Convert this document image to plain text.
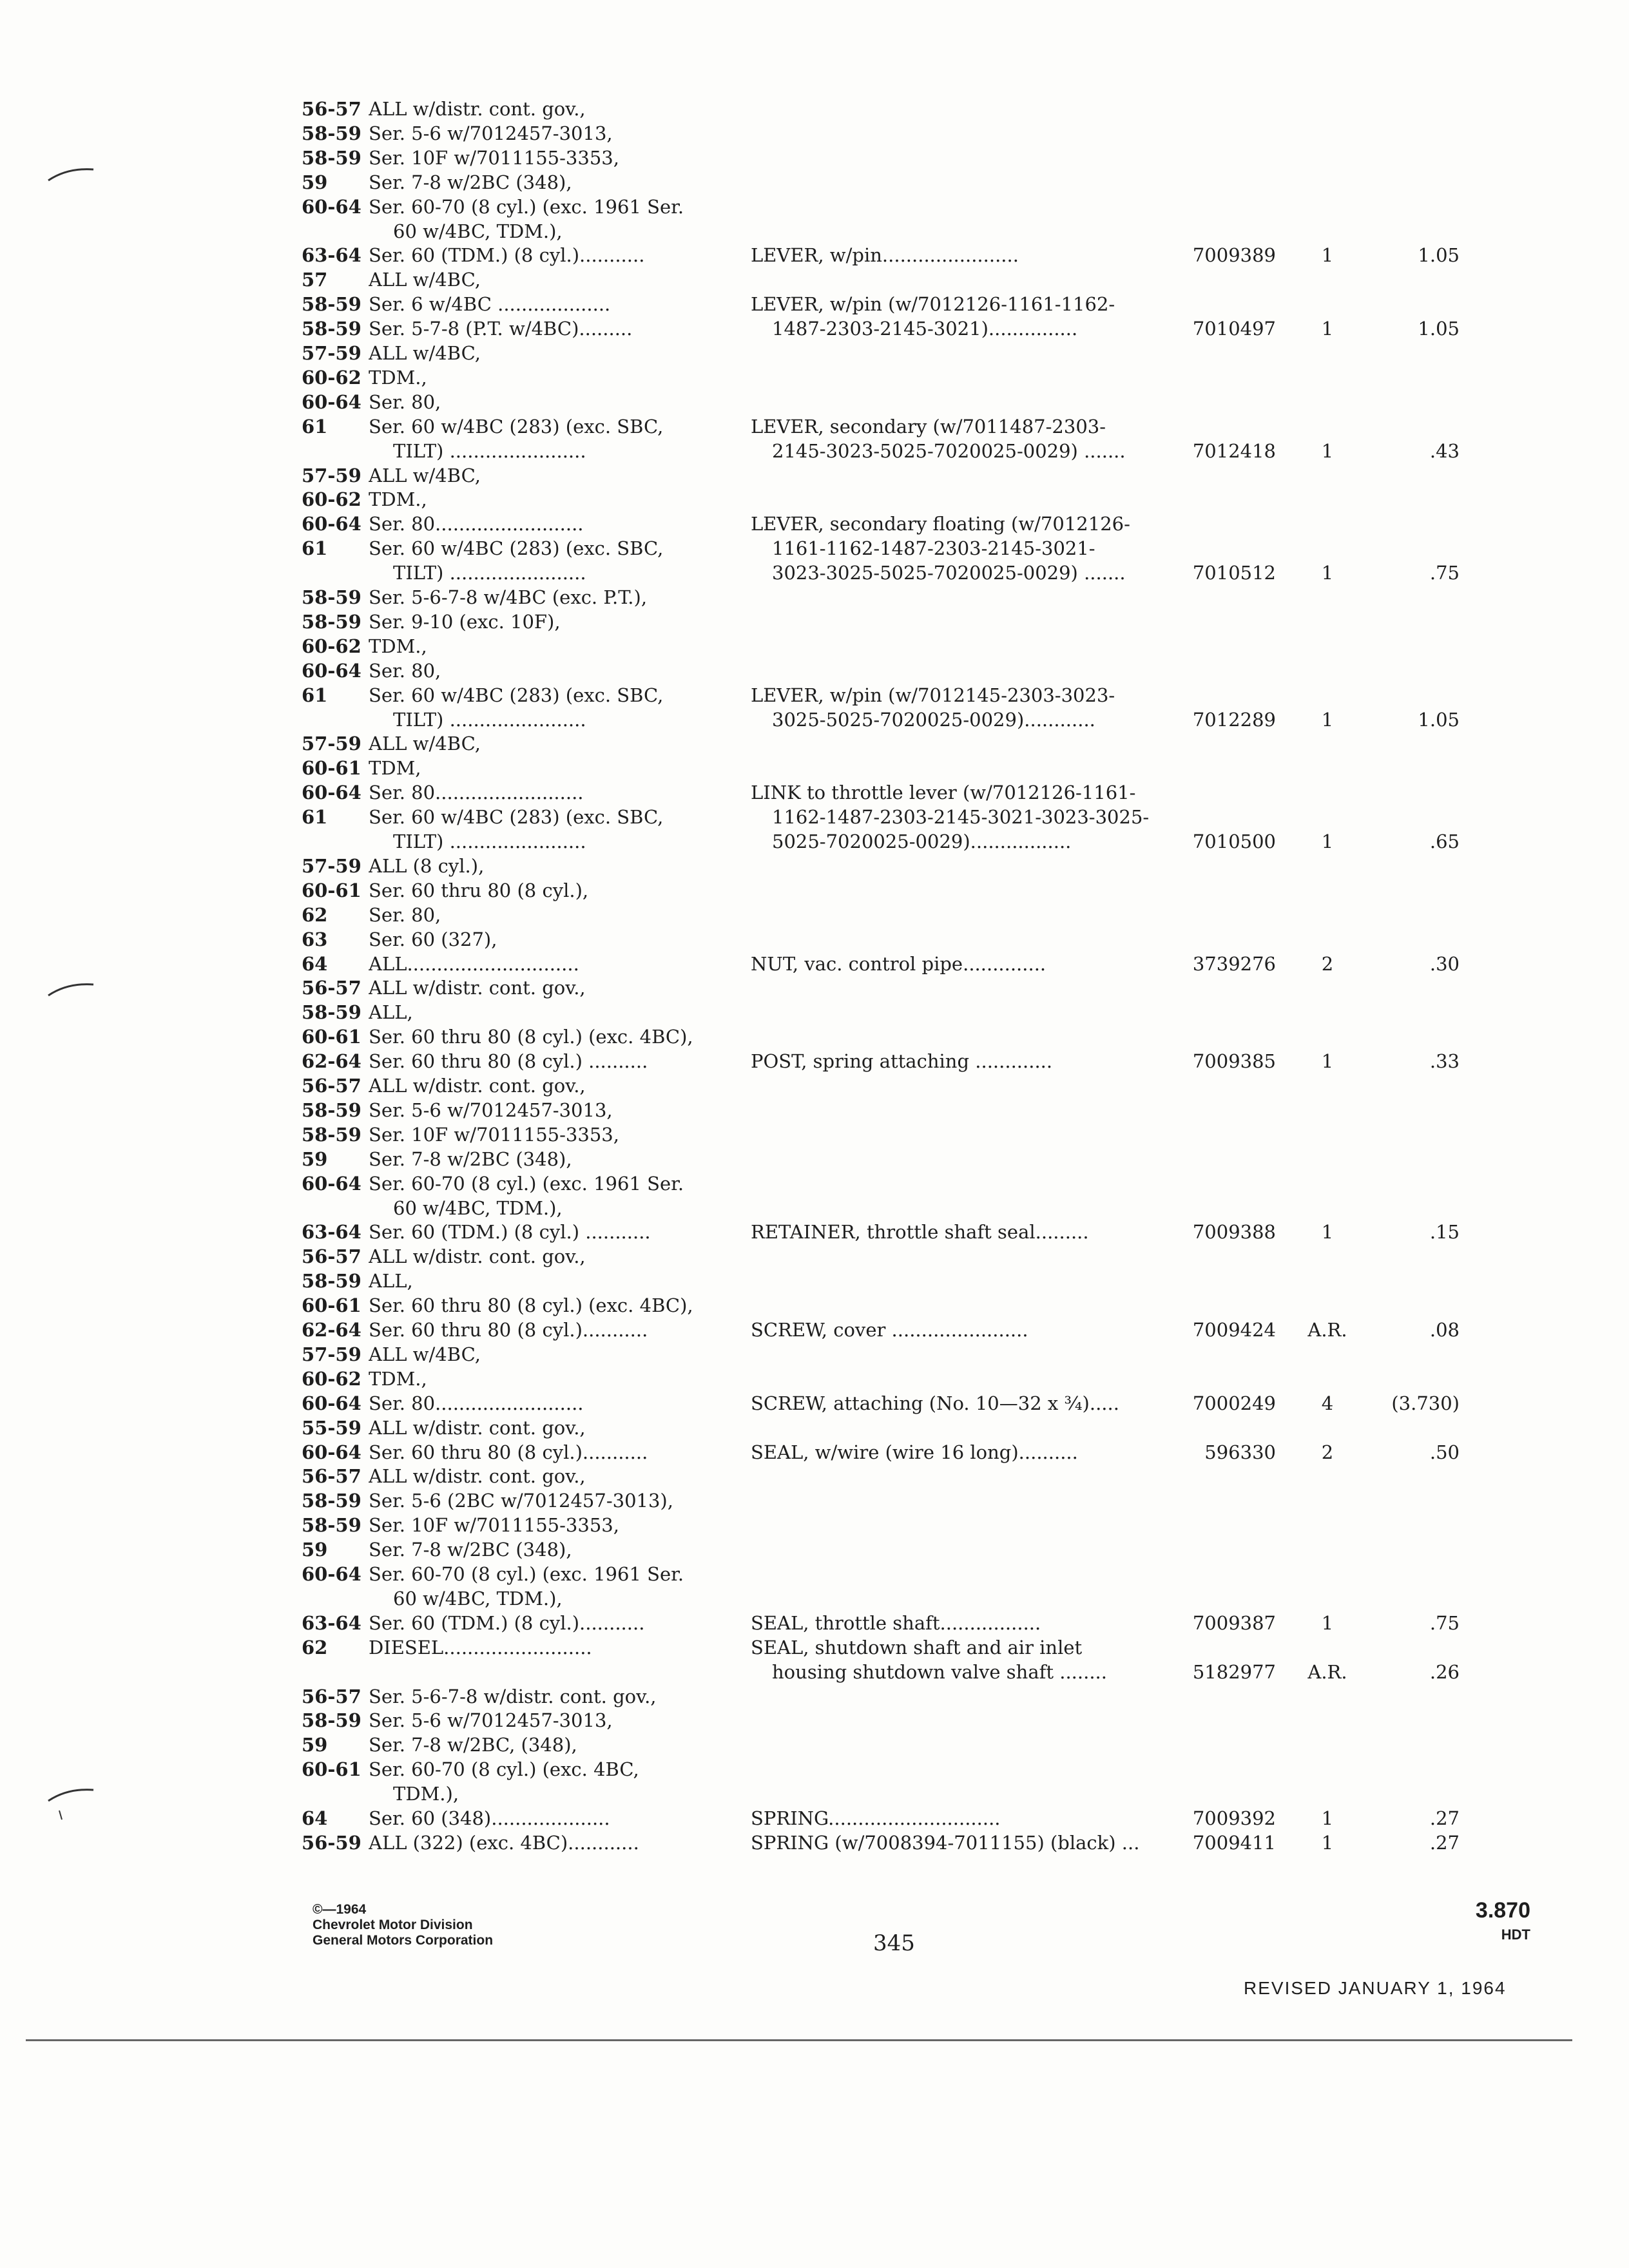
56-57 ALL w/distr. cont. gov.,
58-59 Ser. 5-6 w/7012457-3013,
58-59 Ser. 10F w/7011155-3353,
59 Ser. 7-8 w/2BC (348),
60-64 Ser. 60-70 (8 cyl.) (exc. 1961 Ser.
60 w/4BC, TDM.),
63-64 Ser. 60 (TDM.) (8 cyl.)...........	LEVER, w/pin.......................	7009389	1	1.05
57 ALL w/4BC,
58-59 Ser. 6 w/4BC ...................	LEVER, w/pin (w/7012126-1161-1162-
58-59 Ser. 5-7-8 (P.T. w/4BC).........	1487-2303-2145-3021)...............	7010497	1	1.05
57-59 ALL w/4BC,
60-62 TDM.,
60-64 Ser. 80,
61 Ser. 60 w/4BC (283) (exc. SBC,	LEVER, secondary (w/7011487-2303-
TILT) .......................	2145-3023-5025-7020025-0029) .......	7012418	1	.43
57-59 ALL w/4BC,
60-62 TDM.,
60-64 Ser. 80.........................	LEVER, secondary floating (w/7012126-
61 Ser. 60 w/4BC (283) (exc. SBC,	1161-1162-1487-2303-2145-3021-
TILT) .......................	3023-3025-5025-7020025-0029) .......	7010512	1	.75
58-59 Ser. 5-6-7-8 w/4BC (exc. P.T.),
58-59 Ser. 9-10 (exc. 10F),
60-62 TDM.,
60-64 Ser. 80,
61 Ser. 60 w/4BC (283) (exc. SBC,	LEVER, w/pin (w/7012145-2303-3023-
TILT) .......................	3025-5025-7020025-0029)............	7012289	1	1.05
57-59 ALL w/4BC,
60-61 TDM,
60-64 Ser. 80.........................	LINK to throttle lever (w/7012126-1161-
61 Ser. 60 w/4BC (283) (exc. SBC,	1162-1487-2303-2145-3021-3023-3025-
TILT) .......................	5025-7020025-0029).................	7010500	1	.65
57-59 ALL (8 cyl.),
60-61 Ser. 60 thru 80 (8 cyl.),
62 Ser. 80,
63 Ser. 60 (327),
64 ALL.............................	NUT, vac. control pipe..............	3739276	2	.30
56-57 ALL w/distr. cont. gov.,
58-59 ALL,
60-61 Ser. 60 thru 80 (8 cyl.) (exc. 4BC),
62-64 Ser. 60 thru 80 (8 cyl.) ..........	POST, spring attaching .............	7009385	1	.33
56-57 ALL w/distr. cont. gov.,
58-59 Ser. 5-6 w/7012457-3013,
58-59 Ser. 10F w/7011155-3353,
59 Ser. 7-8 w/2BC (348),
60-64 Ser. 60-70 (8 cyl.) (exc. 1961 Ser.
60 w/4BC, TDM.),
63-64 Ser. 60 (TDM.) (8 cyl.) ...........	RETAINER, throttle shaft seal.........	7009388	1	.15
56-57 ALL w/distr. cont. gov.,
58-59 ALL,
60-61 Ser. 60 thru 80 (8 cyl.) (exc. 4BC),
62-64 Ser. 60 thru 80 (8 cyl.)...........	SCREW, cover .......................	7009424	A.R.	.08
57-59 ALL w/4BC,
60-62 TDM.,
60-64 Ser. 80.........................	SCREW, attaching (No. 10—32 x ¾).....	7000249	4	(3.730)
55-59 ALL w/distr. cont. gov.,
60-64 Ser. 60 thru 80 (8 cyl.)...........	SEAL, w/wire (wire 16 long)..........	596330	2	.50
56-57 ALL w/distr. cont. gov.,
58-59 Ser. 5-6 (2BC w/7012457-3013),
58-59 Ser. 10F w/7011155-3353,
59 Ser. 7-8 w/2BC (348),
60-64 Ser. 60-70 (8 cyl.) (exc. 1961 Ser.
60 w/4BC, TDM.),
63-64 Ser. 60 (TDM.) (8 cyl.)...........	SEAL, throttle shaft.................	7009387	1	.75
62 DIESEL.........................	SEAL, shutdown shaft and air inlet
housing shutdown valve shaft ........	5182977	A.R.	.26
56-57 Ser. 5-6-7-8 w/distr. cont. gov.,
58-59 Ser. 5-6 w/7012457-3013,
59 Ser. 7-8 w/2BC, (348),
60-61 Ser. 60-70 (8 cyl.) (exc. 4BC,
TDM.),
64 Ser. 60 (348)....................	SPRING.............................	7009392	1	.27
56-59 ALL (322) (exc. 4BC)............	SPRING (w/7008394-7011155) (black) ...	7009411	1	.27
©—1964
Chevrolet Motor Division
General Motors Corporation	345
3.870
HDT
REVISED JANUARY 1, 1964
